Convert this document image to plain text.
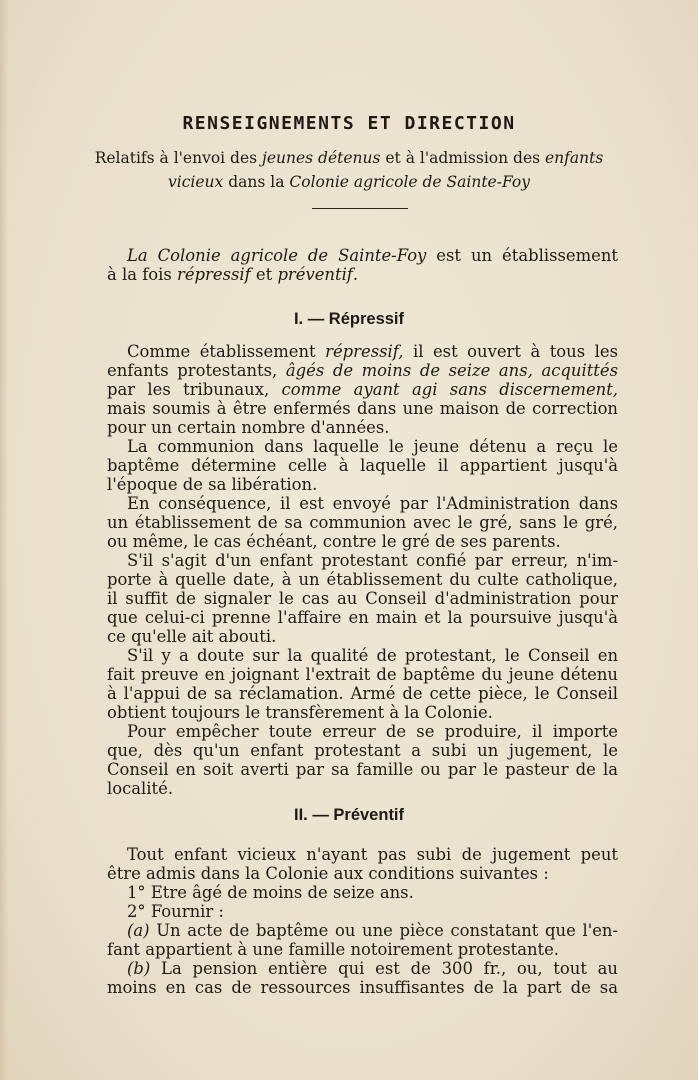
RENSEIGNEMENTS ET DIRECTION
Relatifs à l'envoi des jeunes détenus et à l'admission des enfants
vicieux dans la Colonie agricole de Sainte-Foy
La Colonie agricole de Sainte-Foy est un établissement
à la fois répressif et préventif.
I. — Répressif
Comme établissement répressif, il est ouvert à tous les
enfants protestants, âgés de moins de seize ans, acquittés
par les tribunaux, comme ayant agi sans discernement,
mais soumis à être enfermés dans une maison de correction
pour un certain nombre d'années.
La communion dans laquelle le jeune détenu a reçu le
baptême détermine celle à laquelle il appartient jusqu'à
l'époque de sa libération.
En conséquence, il est envoyé par l'Administration dans
un établissement de sa communion avec le gré, sans le gré,
ou même, le cas échéant, contre le gré de ses parents.
S'il s'agit d'un enfant protestant confié par erreur, n'im-
porte à quelle date, à un établissement du culte catholique,
il suffit de signaler le cas au Conseil d'administration pour
que celui-ci prenne l'affaire en main et la poursuive jusqu'à
ce qu'elle ait abouti.
S'il y a doute sur la qualité de protestant, le Conseil en
fait preuve en joignant l'extrait de baptême du jeune détenu
à l'appui de sa réclamation. Armé de cette pièce, le Conseil
obtient toujours le transfèrement à la Colonie.
Pour empêcher toute erreur de se produire, il importe
que, dès qu'un enfant protestant a subi un jugement, le
Conseil en soit averti par sa famille ou par le pasteur de la
localité.
II. — Préventif
Tout enfant vicieux n'ayant pas subi de jugement peut
être admis dans la Colonie aux conditions suivantes :
1° Etre âgé de moins de seize ans.
2° Fournir :
(a) Un acte de baptême ou une pièce constatant que l'en-
fant appartient à une famille notoirement protestante.
(b) La pension entière qui est de 300 fr., ou, tout au
moins en cas de ressources insuffisantes de la part de sa
